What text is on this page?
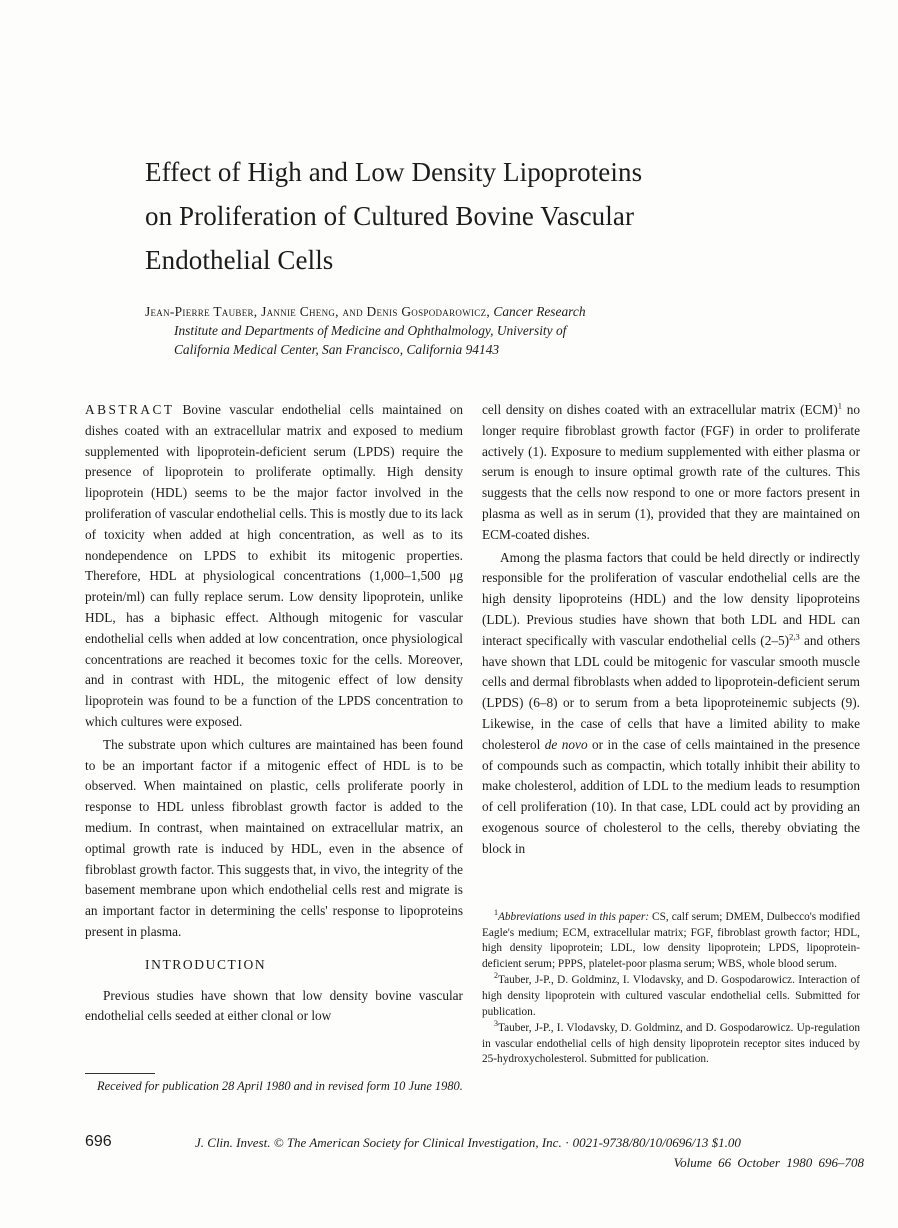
Effect of High and Low Density Lipoproteins
on Proliferation of Cultured Bovine Vascular
Endothelial Cells
Jean-Pierre Tauber, Jannie Cheng, and Denis Gospodarowicz, Cancer Research
Institute and Departments of Medicine and Ophthalmology, University of
California Medical Center, San Francisco, California 94143

ABSTRACT Bovine vascular endothelial cells maintained on dishes coated with an extracellular matrix and exposed to medium supplemented with lipoprotein-deficient serum (LPDS) require the presence of lipoprotein to proliferate optimally. High density lipoprotein (HDL) seems to be the major factor involved in the proliferation of vascular endothelial cells. This is mostly due to its lack of toxicity when added at high concentration, as well as to its nondependence on LPDS to exhibit its mitogenic properties. Therefore, HDL at physiological concentrations (1,000–1,500 μg protein/ml) can fully replace serum. Low density lipoprotein, unlike HDL, has a biphasic effect. Although mitogenic for vascular endothelial cells when added at low concentration, once physiological concentrations are reached it becomes toxic for the cells. Moreover, and in contrast with HDL, the mitogenic effect of low density lipoprotein was found to be a function of the LPDS concentration to which cultures were exposed.

The substrate upon which cultures are maintained has been found to be an important factor if a mitogenic effect of HDL is to be observed. When maintained on plastic, cells proliferate poorly in response to HDL unless fibroblast growth factor is added to the medium. In contrast, when maintained on extracellular matrix, an optimal growth rate is induced by HDL, even in the absence of fibroblast growth factor. This suggests that, in vivo, the integrity of the basement membrane upon which endothelial cells rest and migrate is an important factor in determining the cells' response to lipoproteins present in plasma.

INTRODUCTION

Previous studies have shown that low density bovine vascular endothelial cells seeded at either clonal or low

cell density on dishes coated with an extracellular matrix (ECM)$^1$ no longer require fibroblast growth factor (FGF) in order to proliferate actively (1). Exposure to medium supplemented with either plasma or serum is enough to insure optimal growth rate of the cultures. This suggests that the cells now respond to one or more factors present in plasma as well as in serum (1), provided that they are maintained on ECM-coated dishes.

Among the plasma factors that could be held directly or indirectly responsible for the proliferation of vascular endothelial cells are the high density lipoproteins (HDL) and the low density lipoproteins (LDL). Previous studies have shown that both LDL and HDL can interact specifically with vascular endothelial cells $(2-5)^{2,3}$ and others have shown that LDL could be mitogenic for vascular smooth muscle cells and dermal fibroblasts when added to lipoprotein-deficient serum (LPDS) (6–8) or to serum from a beta lipoproteinemic subjects (9). Likewise, in the case of cells that have a limited ability to make cholesterol de novo or in the case of cells maintained in the presence of compounds such as compactin, which totally inhibit their ability to make cholesterol, addition of LDL to the medium leads to resumption of cell proliferation (10). In that case, LDL could act by providing an exogenous source of cholesterol to the cells, thereby obviating the block in

$^1$Abbreviations used in this paper: CS, calf serum; DMEM, Dulbecco's modified Eagle's medium; ECM, extracellular matrix; FGF, fibroblast growth factor; HDL, high density lipoprotein; LDL, low density lipoprotein; LPDS, lipoprotein-deficient serum; PPPS, platelet-poor plasma serum; WBS, whole blood serum.

$^2$Tauber, J-P., D. Goldminz, I. Vlodavsky, and D. Gospodarowicz. Interaction of high density lipoprotein with cultured vascular endothelial cells. Submitted for publication.

$^3$Tauber, J-P., I. Vlodavsky, D. Goldminz, and D. Gospodarowicz. Up-regulation in vascular endothelial cells of high density lipoprotein receptor sites induced by 25-hydroxycholesterol. Submitted for publication.

Received for publication 28 April 1980 and in revised form 10 June 1980.
696	J. Clin. Invest. © The American Society for Clinical Investigation, Inc. · 0021-9738/80/10/0696/13 $1.00
Volume 66 October 1980 696–708
